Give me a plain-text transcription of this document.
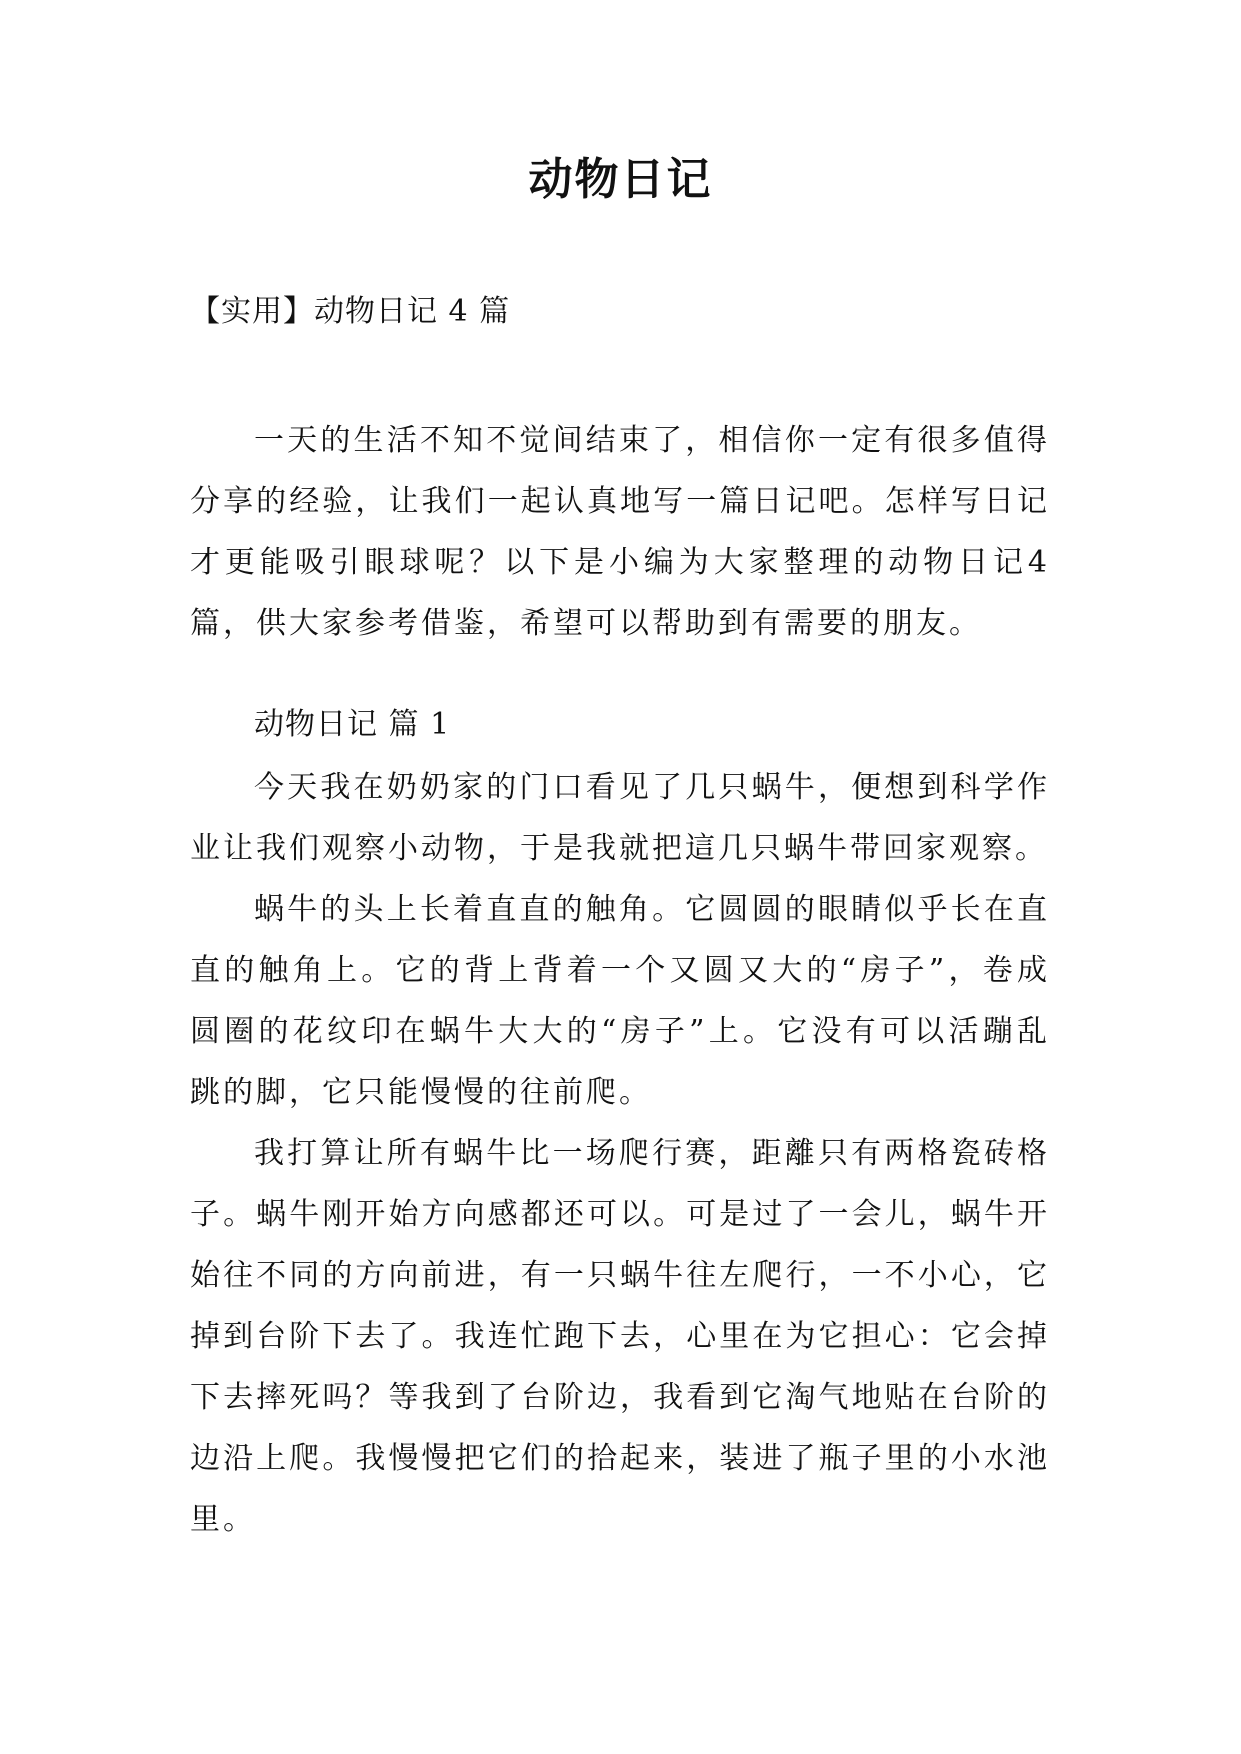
动物日记
【实用】动物日记 4 篇

一天的生活不知不觉间结束了，相信你一定有很多值得分享的经验，让我们一起认真地写一篇日记吧。怎样写日记才更能吸引眼球呢？以下是小编为大家整理的动物日记4篇，供大家参考借鉴，希望可以帮助到有需要的朋友。

动物日记 篇 1

今天我在奶奶家的门口看见了几只蜗牛，便想到科学作业让我们观察小动物，于是我就把這几只蜗牛带回家观察。

蜗牛的头上长着直直的触角。它圆圆的眼睛似乎长在直直的触角上。它的背上背着一个又圆又大的“房子”，卷成圆圈的花纹印在蜗牛大大的“房子”上。它没有可以活蹦乱跳的脚，它只能慢慢的往前爬。

我打算让所有蜗牛比一场爬行赛，距離只有两格瓷砖格子。蜗牛刚开始方向感都还可以。可是过了一会儿，蜗牛开始往不同的方向前进，有一只蜗牛往左爬行，一不小心，它掉到台阶下去了。我连忙跑下去，心里在为它担心：它会掉下去摔死吗？等我到了台阶边，我看到它淘气地贴在台阶的边沿上爬。我慢慢把它们的拾起来，装进了瓶子里的小水池里。
